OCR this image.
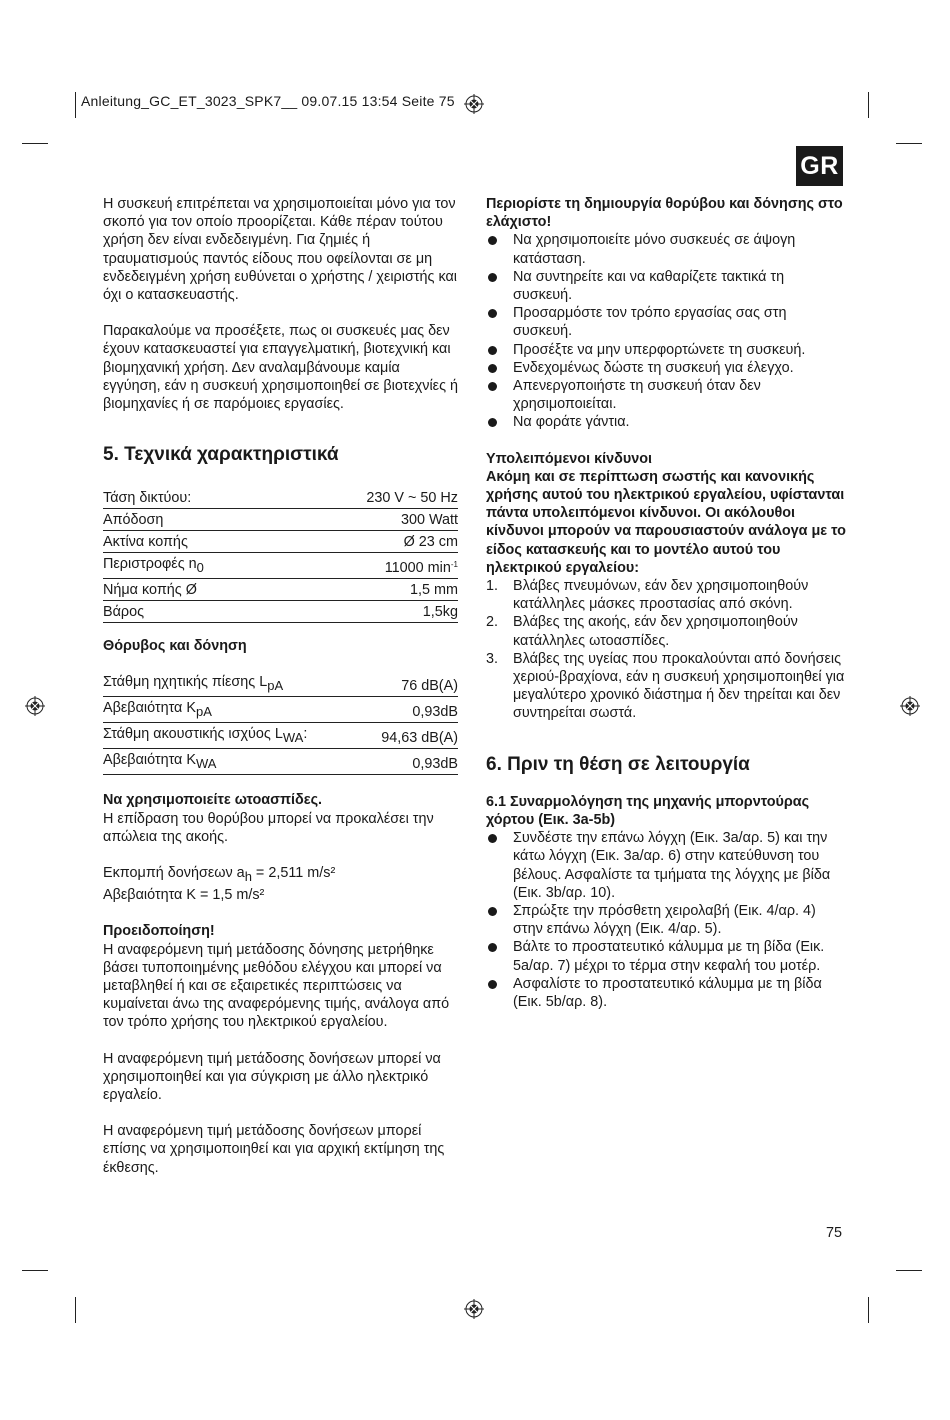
Anleitung_GC_ET_3023_SPK7__ 09.07.15 13:54 Seite 75
GR

Η συσκευή επιτρέπεται να χρησιμοποιείται μόνο για τον σκοπό για τον οποίο προορίζεται. Κάθε πέραν τούτου χρήση δεν είναι ενδεδειγμένη. Για ζημιές ή τραυματισμούς παντός είδους που οφείλονται σε μη ενδεδειγμένη χρήση ευθύνεται ο χρήστης / χειριστής και όχι ο κατασκευαστής.

Παρακαλούμε να προσέξετε, πως οι συσκευές μας δεν έχουν κατασκευαστεί για επαγγελματική, βιοτεχνική και βιομηχανική χρήση. Δεν αναλαμβάνουμε καμία εγγύηση, εάν η συσκευή χρησιμοποιηθεί σε βιοτεχνίες ή βιομηχανίες ή σε παρόμοιες εργασίες.

5. Τεχνικά χαρακτηριστικά

Τάση δικτύου:	230 V ~ 50 Hz
Απόδοση	300 Watt
Ακτίνα κοπής	Ø 23 cm
Περιστροφές $n_0$	11000 $\min^{-1}$
Νήμα κοπής Ø	1,5 mm
Βάρος	1,5kg

Θόρυβος και δόνηση

Στάθμη ηχητικής πίεσης $L_{pA}$	76 dB(A)
Αβεβαιότητα $K_{pA}$	0,93dB
Στάθμη ακουστικής ισχύος $L_{WA}$:	94,63 dB(A)
Αβεβαιότητα $K_{WA}$	0,93dB

Να χρησιμοποιείτε ωτοασπίδες.

Η επίδραση του θορύβου μπορεί να προκαλέσει την απώλεια της ακοής.

Εκπομπή δονήσεων $a_h = 2,511$ m/s²

Αβεβαιότητα K = 1,5 m/s²

Προειδοποίηση!

Η αναφερόμενη τιμή μετάδοσης δόνησης μετρήθηκε βάσει τυποποιημένης μεθόδου ελέγχου και μπορεί να μεταβληθεί ή και σε εξαιρετικές περιπτώσεις να κυμαίνεται άνω της αναφερόμενης τιμής, ανάλογα από τον τρόπο χρήσης του ηλεκτρικού εργαλείου.

Η αναφερόμενη τιμή μετάδοσης δονήσεων μπορεί να χρησιμοποιηθεί και για σύγκριση με άλλο ηλεκτρικό εργαλείο.

Η αναφερόμενη τιμή μετάδοσης δονήσεων μπορεί επίσης να χρησιμοποιηθεί και για αρχική εκτίμηση της έκθεσης.

Περιορίστε τη δημιουργία θορύβου και δόνησης στο ελάχιστο!

Να χρησιμοποιείτε μόνο συσκευές σε άψογη κατάσταση.
Να συντηρείτε και να καθαρίζετε τακτικά τη συσκευή.
Προσαρμόστε τον τρόπο εργασίας σας στη συσκευή.
Προσέξτε να μην υπερφορτώνετε τη συσκευή.
Ενδεχομένως δώστε τη συσκευή για έλεγχο.
Απενεργοποιήστε τη συσκευή όταν δεν χρησιμοποιείται.
Να φοράτε γάντια.

Υπολειπόμενοι κίνδυνοι

Ακόμη και σε περίπτωση σωστής και κανονικής χρήσης αυτού του ηλεκτρικού εργαλείου, υφίστανται πάντα υπολειπόμενοι κίνδυνοι. Οι ακόλουθοι κίνδυνοι μπορούν να παρουσιαστούν ανάλογα με το είδος κατασκευής και το μοντέλο αυτού του ηλεκτρικού εργαλείου:

1. Βλάβες πνευμόνων, εάν δεν χρησιμοποιηθούν κατάλληλες μάσκες προστασίας από σκόνη.
2. Βλάβες της ακοής, εάν δεν χρησιμοποιηθούν κατάλληλες ωτοασπίδες.
3. Βλάβες της υγείας που προκαλούνται από δονήσεις χεριού-βραχίονα, εάν η συσκευή χρησιμοποιηθεί για μεγαλύτερο χρονικό διάστημα ή δεν τηρείται και δεν συντηρείται σωστά.

6. Πριν τη θέση σε λειτουργία

6.1 Συναρμολόγηση της μηχανής μπορντούρας χόρτου (Εικ. 3a-5b)

Συνδέστε την επάνω λόγχη (Εικ. 3a/αρ. 5) και την κάτω λόγχη (Εικ. 3a/αρ. 6) στην κατεύθυνση του βέλους. Ασφαλίστε τα τμήματα της λόγχης με βίδα (Εικ. 3b/αρ. 10).
Σπρώξτε την πρόσθετη χειρολαβή (Εικ. 4/αρ. 4) στην επάνω λόγχη (Εικ. 4/αρ. 5).
Βάλτε το προστατευτικό κάλυμμα με τη βίδα (Εικ. 5a/αρ. 7) μέχρι το τέρμα στην κεφαλή του μοτέρ.
Ασφαλίστε το προστατευτικό κάλυμμα με τη βίδα (Εικ. 5b/αρ. 8).
75
